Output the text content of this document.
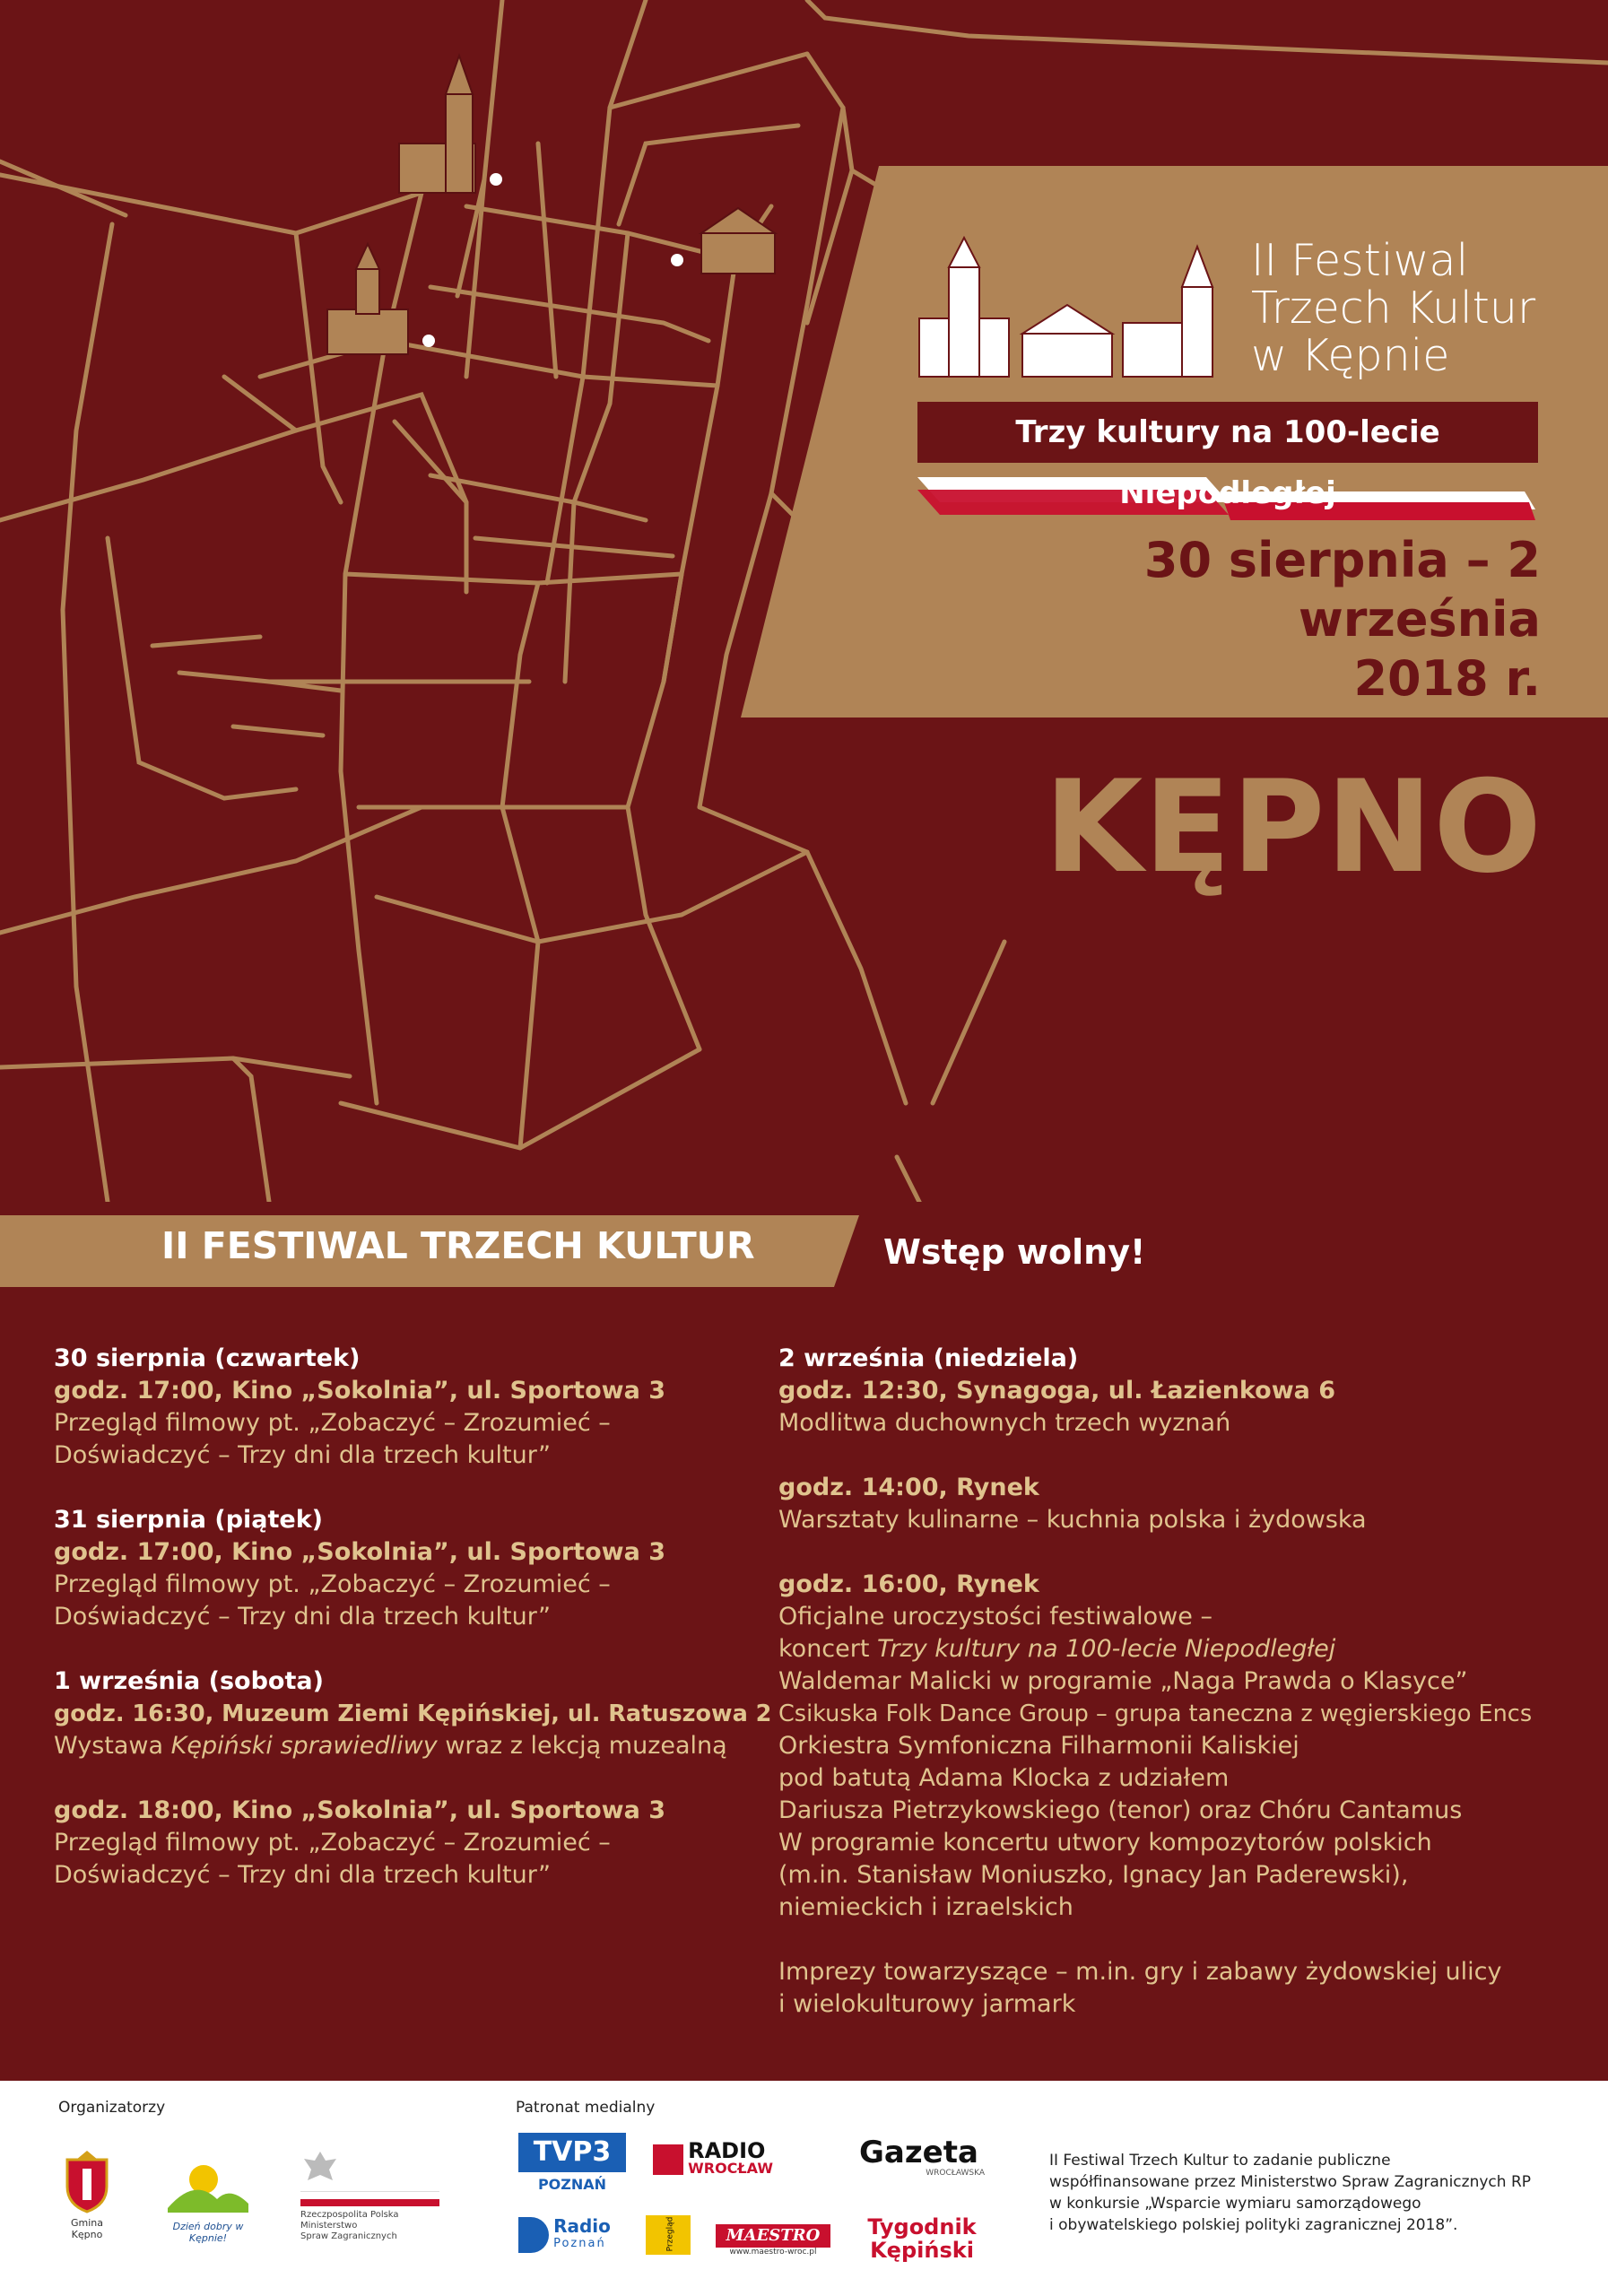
II Festiwal
Trzech Kultur
w Kępnie
Trzy kultury na 100-lecie Niepodległej
30 sierpnia – 2 września
2018 r.
KĘPNO
II FESTIWAL TRZECH KULTUR	Wstęp wolny!
30 sierpnia (czwartek)
godz. 17:00, Kino „Sokolnia”, ul. Sportowa 3
Przegląd filmowy pt. „Zobaczyć – Zrozumieć –
Doświadczyć – Trzy dni dla trzech kultur”
31 sierpnia (piątek)
godz. 17:00, Kino „Sokolnia”, ul. Sportowa 3
Przegląd filmowy pt. „Zobaczyć – Zrozumieć –
Doświadczyć – Trzy dni dla trzech kultur”
1 września (sobota)
godz. 16:30, Muzeum Ziemi Kępińskiej, ul. Ratuszowa 2
Wystawa Kępiński sprawiedliwy wraz z lekcją muzealną
godz. 18:00, Kino „Sokolnia”, ul. Sportowa 3
Przegląd filmowy pt. „Zobaczyć – Zrozumieć –
Doświadczyć – Trzy dni dla trzech kultur”
2 września (niedziela)
godz. 12:30, Synagoga, ul. Łazienkowa 6
Modlitwa duchownych trzech wyznań
godz. 14:00, Rynek
Warsztaty kulinarne – kuchnia polska i żydowska
godz. 16:00, Rynek
Oficjalne uroczystości festiwalowe –
koncert Trzy kultury na 100-lecie Niepodległej
Waldemar Malicki w programie „Naga Prawda o Klasyce”
Csikuska Folk Dance Group – grupa taneczna z węgierskiego Encs
Orkiestra Symfoniczna Filharmonii Kaliskiej
pod batutą Adama Klocka z udziałem
Dariusza Pietrzykowskiego (tenor) oraz Chóru Cantamus
W programie koncertu utwory kompozytorów polskich
(m.in. Stanisław Moniuszko, Ignacy Jan Paderewski),
niemieckich i izraelskich
Imprezy towarzyszące – m.in. gry i zabawy żydowskiej ulicy
i wielokulturowy jarmark
Organizatorzy	Patronat medialny
Gmina Kępno
Dzień dobry w Kępnie!
Rzeczpospolita Polska
Ministerstwo
Spraw Zagranicznych
TVP3
POZNAŃ

RADIO
WROCŁAW	Gazeta
WROCŁAWSKA

Radio
Poznań	Przegląd	MAESTRO
www.maestro-wroc.pl
Tygodnik
Kępiński
II Festiwal Trzech Kultur to zadanie publiczne
współfinansowane przez Ministerstwo Spraw Zagranicznych RP
w konkursie „Wsparcie wymiaru samorządowego
i obywatelskiego polskiej polityki zagranicznej 2018”.
